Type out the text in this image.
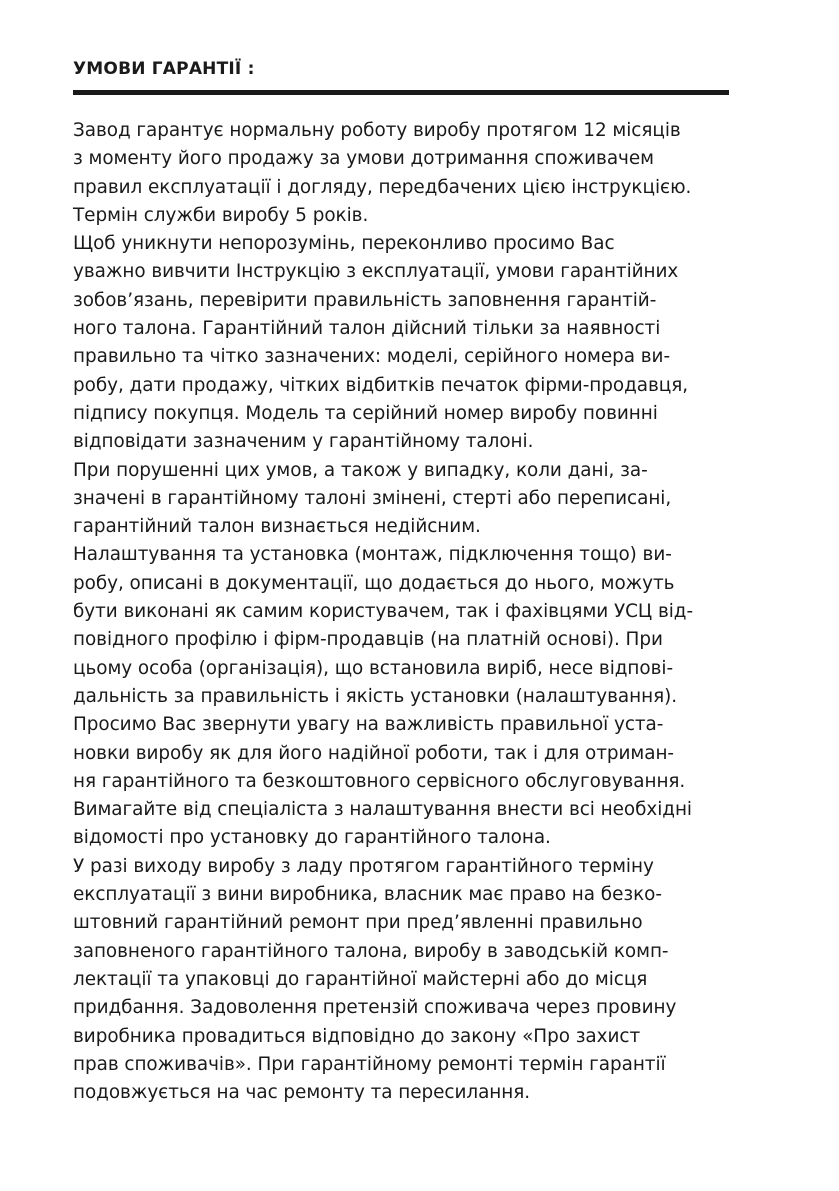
УМОВИ ГАРАНТІЇ :
Завод гарантує нормальну роботу виробу протягом 12 місяців
з моменту його продажу за умови дотримання споживачем
правил експлуатації і догляду, передбачених цією інструкцією.
Термін служби виробу 5 років.
Щоб уникнути непорозумінь, переконливо просимо Вас
уважно вивчити Інструкцію з експлуатації, умови гарантійних
зобов’язань, перевірити правильність заповнення гарантій-
ного талона. Гарантійний талон дійсний тільки за наявності
правильно та чітко зазначених: моделі, серійного номера ви-
робу, дати продажу, чітких відбитків печаток фірми-продавця,
підпису покупця. Модель та серійний номер виробу повинні
відповідати зазначеним у гарантійному талоні.
При порушенні цих умов, а також у випадку, коли дані, за-
значені в гарантійному талоні змінені, стерті або переписані,
гарантійний талон визнається недійсним.
Налаштування та установка (монтаж, підключення тощо) ви-
робу, описані в документації, що додається до нього, можуть
бути виконані як самим користувачем, так і фахівцями УСЦ від-
повідного профілю і фірм-продавців (на платній основі). При
цьому особа (організація), що встановила виріб, несе відпові-
дальність за правильність і якість установки (налаштування).
Просимо Вас звернути увагу на важливість правильної уста-
новки виробу як для його надійної роботи, так і для отриман-
ня гарантійного та безкоштовного сервісного обслуговування.
Вимагайте від спеціаліста з налаштування внести всі необхідні
відомості про установку до гарантійного талона.
У разі виходу виробу з ладу протягом гарантійного терміну
експлуатації з вини виробника, власник має право на безко-
штовний гарантійний ремонт при пред’явленні правильно
заповненого гарантійного талона, виробу в заводській комп-
лектації та упаковці до гарантійної майстерні або до місця
придбання. Задоволення претензій споживача через провину
виробника провадиться відповідно до закону «Про захист
прав споживачів». При гарантійному ремонті термін гарантії
подовжується на час ремонту та пересилання.
